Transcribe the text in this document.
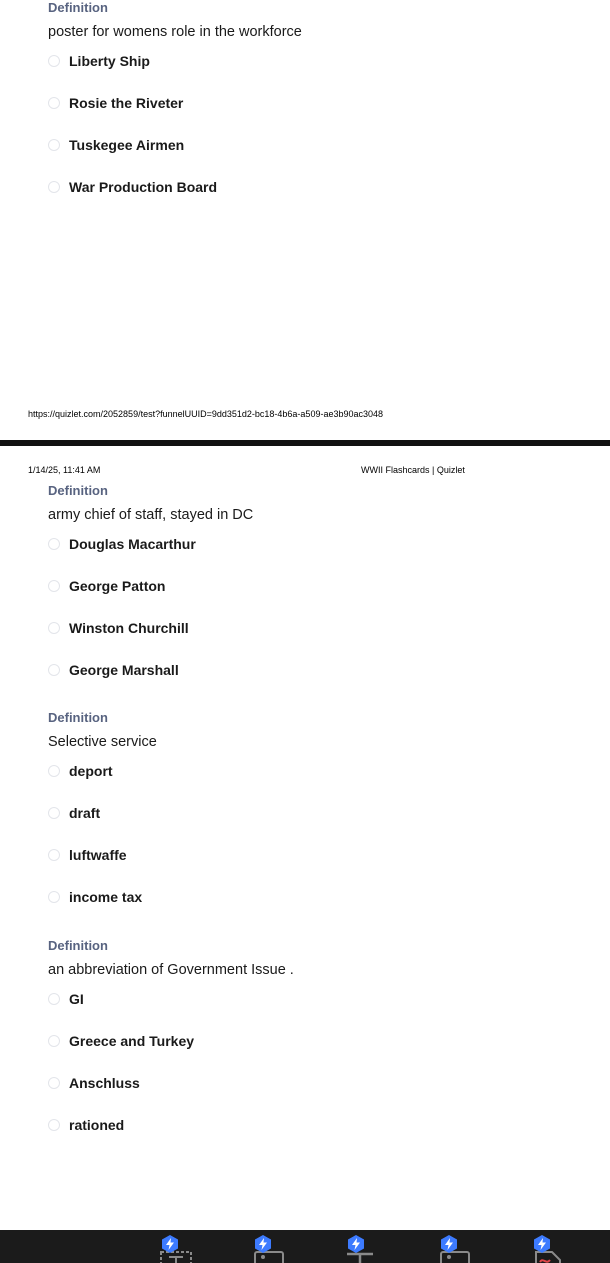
Definition
poster for womens role in the workforce
Liberty Ship
Rosie the Riveter
Tuskegee Airmen
War Production Board
https://quizlet.com/2052859/test?funnelUUID=9dd351d2-bc18-4b6a-a509-ae3b90ac3048
1/14/25, 11:41 AM	WWII Flashcards | Quizlet
Definition
army chief of staff, stayed in DC
Douglas Macarthur
George Patton
Winston Churchill
George Marshall
Definition
Selective service
deport
draft
luftwaffe
income tax
Definition
an abbreviation of Government Issue .
GI
Greece and Turkey
Anschluss
rationed
